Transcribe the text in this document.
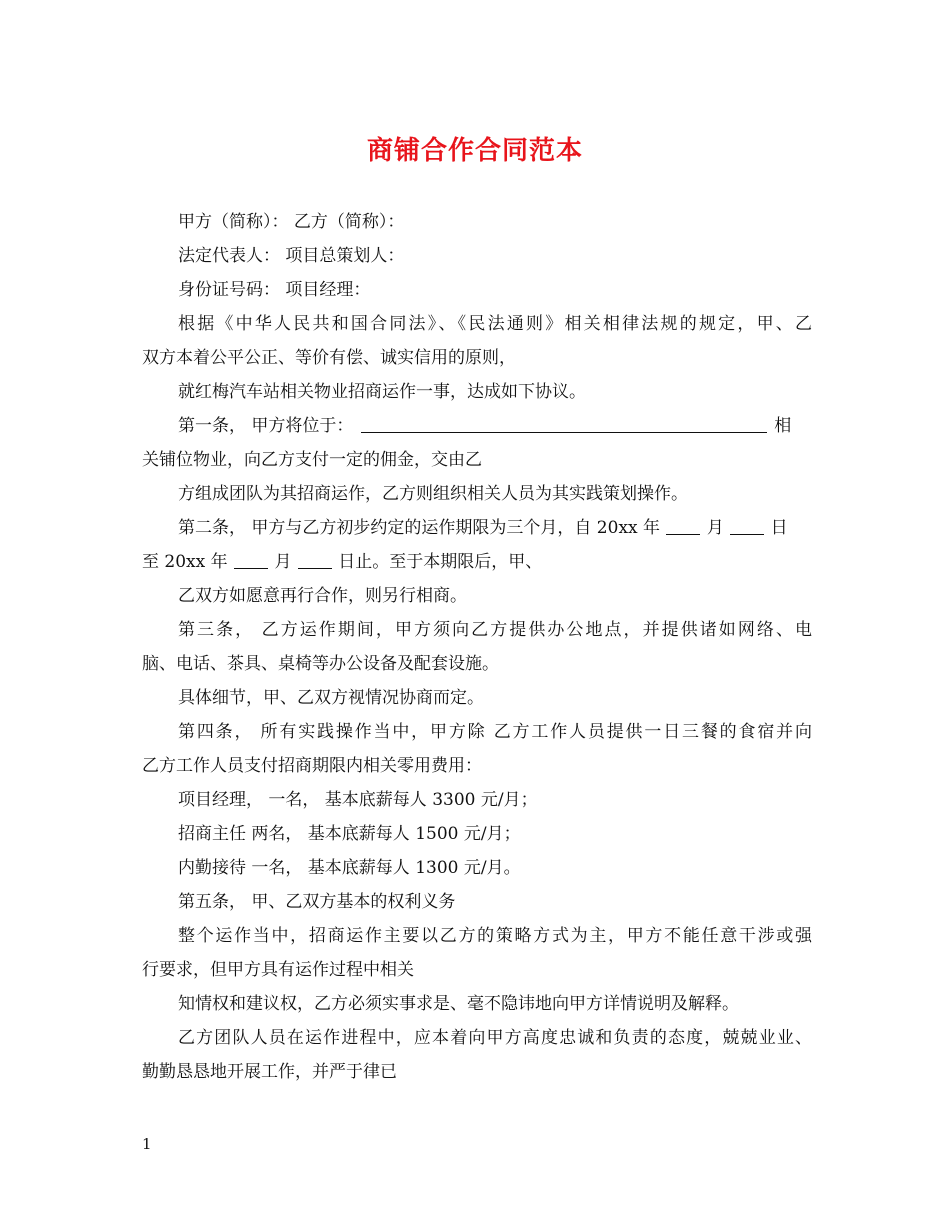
商铺合作合同范本
甲方（简称）： 乙方（简称）：
法定代表人： 项目总策划人：
身份证号码： 项目经理：
根据《中华人民共和国合同法》、《民法通则》相关相律法规的规定，甲、乙
双方本着公平公正、等价有偿、诚实信用的原则，
就红梅汽车站相关物业招商运作一事，达成如下协议。
第一条， 甲方将位于：	相
关铺位物业，向乙方支付一定的佣金，交由乙
方组成团队为其招商运作，乙方则组织相关人员为其实践策划操作。
第二条， 甲方与乙方初步约定的运作期限为三个月，自 20xx 年	月	日
至 20xx 年	月	日止。至于本期限后，甲、
乙双方如愿意再行合作，则另行相商。
第三条， 乙方运作期间，甲方须向乙方提供办公地点，并提供诸如网络、电
脑、电话、茶具、桌椅等办公设备及配套设施。
具体细节，甲、乙双方视情况协商而定。
第四条， 所有实践操作当中，甲方除 乙方工作人员提供一日三餐的食宿并向
乙方工作人员支付招商期限内相关零用费用：
项目经理， 一名， 基本底薪每人 3300 元/月；
招商主任 两名， 基本底薪每人 1500 元/月；
内勤接待 一名， 基本底薪每人 1300 元/月。
第五条， 甲、乙双方基本的权利义务
整个运作当中，招商运作主要以乙方的策略方式为主，甲方不能任意干涉或强
行要求，但甲方具有运作过程中相关
知情权和建议权，乙方必须实事求是、毫不隐讳地向甲方详情说明及解释。
乙方团队人员在运作进程中，应本着向甲方高度忠诚和负责的态度，兢兢业业、
勤勤恳恳地开展工作，并严于律已
1
